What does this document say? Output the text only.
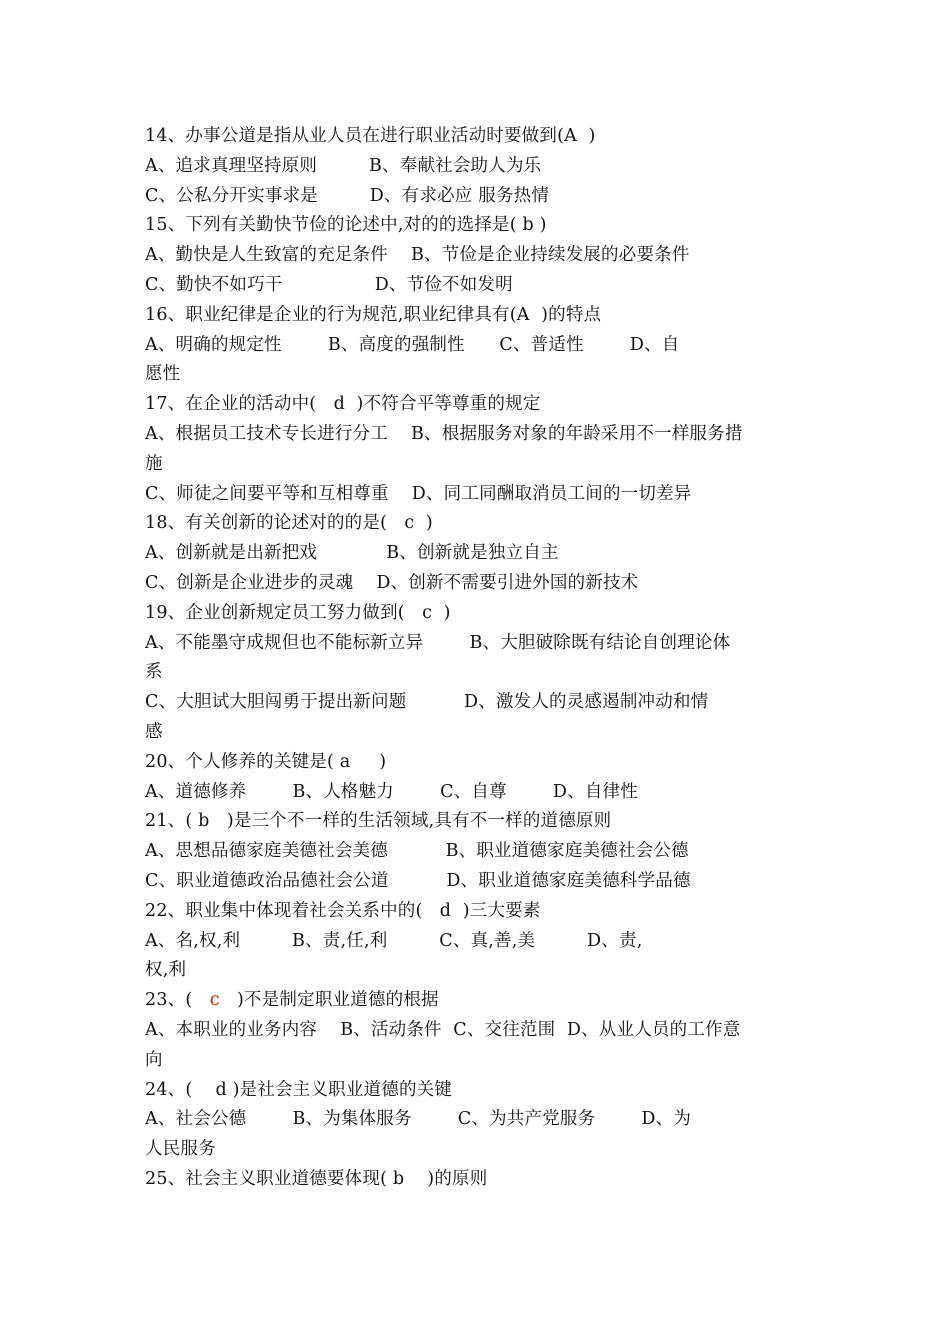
14、办事公道是指从业人员在进行职业活动时要做到(A  )
A、追求真理坚持原则         B、奉献社会助人为乐
C、公私分开实事求是         D、有求必应 服务热情
15、下列有关勤快节俭的论述中,对的的选择是( b )
A、勤快是人生致富的充足条件    B、节俭是企业持续发展的必要条件
C、勤快不如巧干                D、节俭不如发明
16、职业纪律是企业的行为规范,职业纪律具有(A  )的特点
A、明确的规定性        B、高度的强制性      C、普适性        D、自
愿性
17、在企业的活动中(   d  )不符合平等尊重的规定
A、根据员工技术专长进行分工    B、根据服务对象的年龄采用不一样服务措
施
C、师徒之间要平等和互相尊重    D、同工同酬取消员工间的一切差异
18、有关创新的论述对的的是(   c  )
A、创新就是出新把戏            B、创新就是独立自主
C、创新是企业进步的灵魂    D、创新不需要引进外国的新技术
19、企业创新规定员工努力做到(   c  )
A、不能墨守成规但也不能标新立异        B、大胆破除既有结论自创理论体
系
C、大胆试大胆闯勇于提出新问题          D、激发人的灵感遏制冲动和情
感
20、个人修养的关键是( a     )
A、道德修养        B、人格魅力        C、自尊        D、自律性
21、( b   )是三个不一样的生活领域,具有不一样的道德原则
A、思想品德家庭美德社会美德          B、职业道德家庭美德社会公德
C、职业道德政治品德社会公道          D、职业道德家庭美德科学品德
22、职业集中体现着社会关系中的(   d  )三大要素
A、名,权,利         B、责,任,利         C、真,善,美         D、责,
权,利
23、(   c   )不是制定职业道德的根据
A、本职业的业务内容    B、活动条件  C、交往范围  D、从业人员的工作意
向
24、(    d )是社会主义职业道德的关键
A、社会公德        B、为集体服务        C、为共产党服务        D、为
人民服务
25、社会主义职业道德要体现( b    )的原则
